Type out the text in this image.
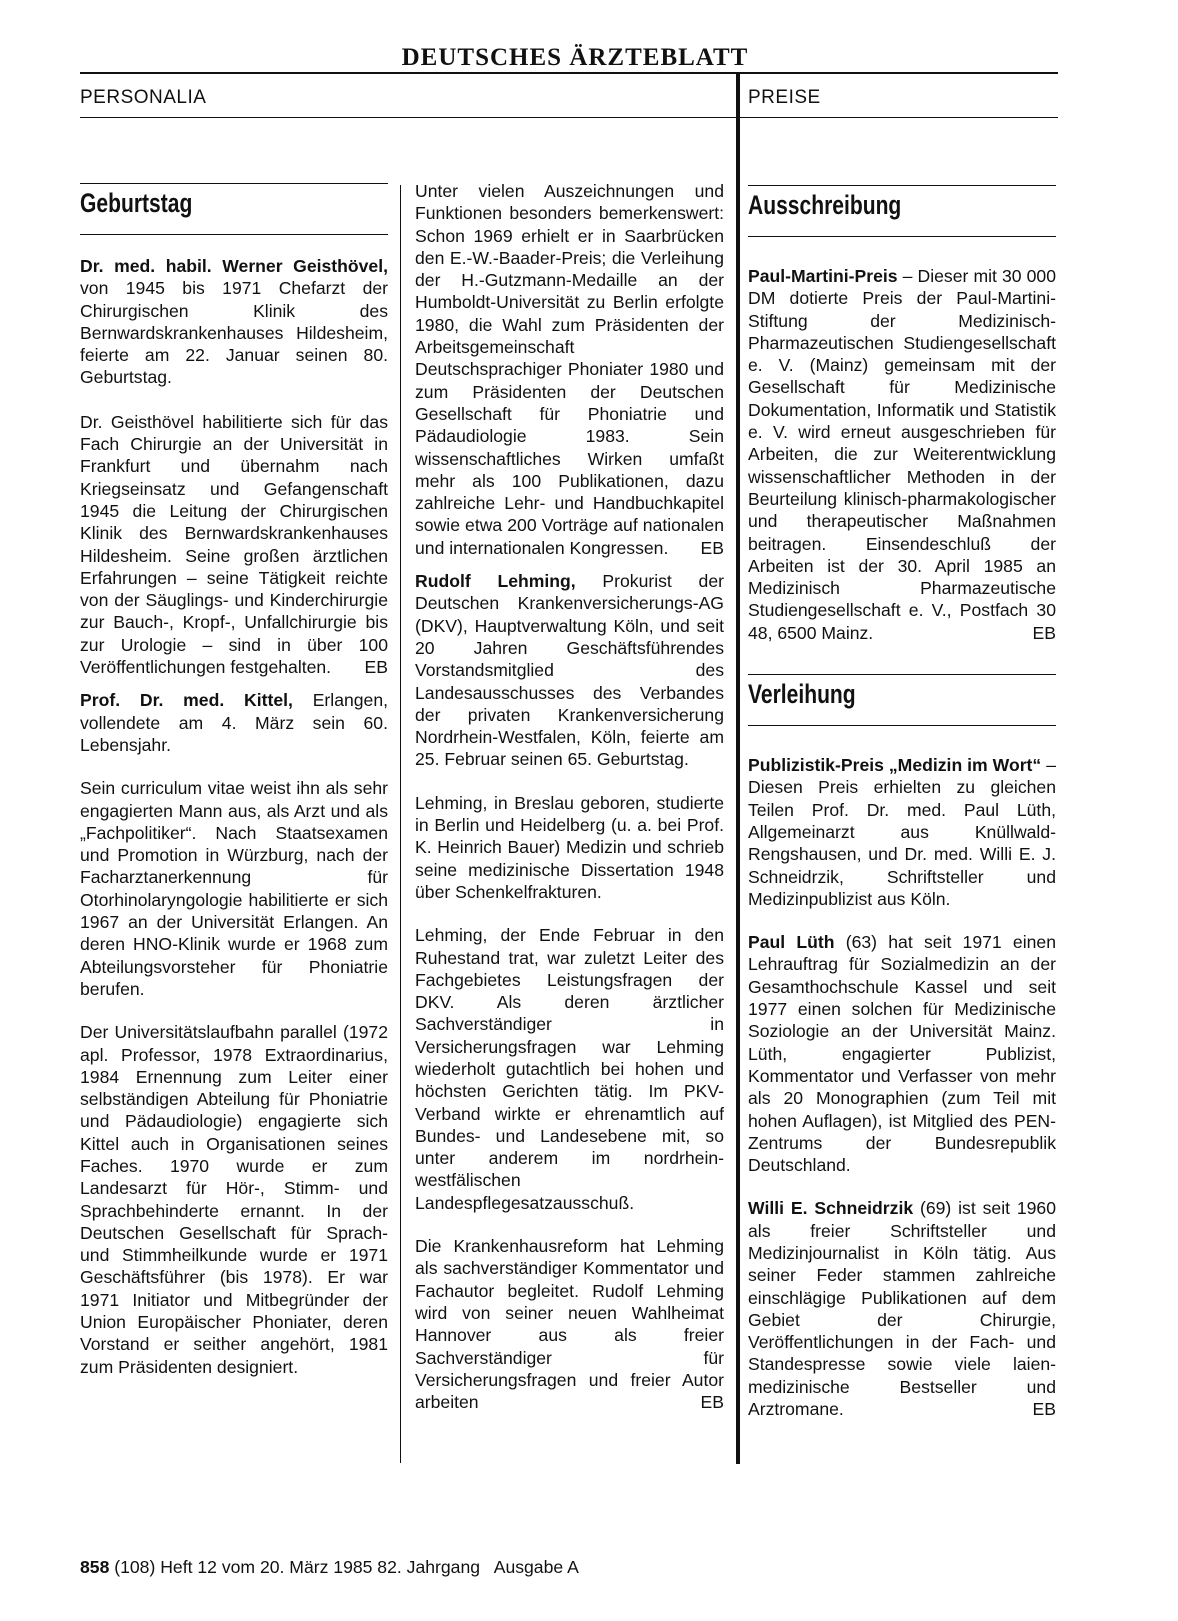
DEUTSCHES ÄRZTEBLATT
PERSONALIA	PREISE
Geburtstag

Dr. med. habil. Werner Geisthövel, von 1945 bis 1971 Chefarzt der Chirurgischen Klinik des Bernwardskrankenhauses Hildesheim, feierte am 22. Januar seinen 80. Geburtstag.

Dr. Geisthövel habilitierte sich für das Fach Chirurgie an der Universität in Frankfurt und übernahm nach Kriegseinsatz und Gefangenschaft 1945 die Leitung der Chirurgischen Klinik des Bernwardskrankenhauses Hildesheim. Seine großen ärztlichen Erfahrungen – seine Tätigkeit reichte von der Säuglings- und Kinderchirurgie zur Bauch-, Kropf-, Unfallchirurgie bis zur Urologie – sind in über 100 Veröffentlichungen festgehalten. EB

Prof. Dr. med. Kittel, Erlangen, vollendete am 4. März sein 60. Lebensjahr.

Sein curriculum vitae weist ihn als sehr engagierten Mann aus, als Arzt und als „Fachpolitiker“. Nach Staatsexamen und Promotion in Würzburg, nach der Facharztanerkennung für Otorhinolaryngologie habilitierte er sich 1967 an der Universität Erlangen. An deren HNO-Klinik wurde er 1968 zum Abteilungsvorsteher für Phoniatrie berufen.

Der Universitätslaufbahn parallel (1972 apl. Professor, 1978 Extraordinarius, 1984 Ernennung zum Leiter einer selbständigen Abteilung für Phoniatrie und Pädaudiologie) engagierte sich Kittel auch in Organisationen seines Faches. 1970 wurde er zum Landesarzt für Hör-, Stimm- und Sprachbehinderte ernannt. In der Deutschen Gesellschaft für Sprach- und Stimmheilkunde wurde er 1971 Geschäftsführer (bis 1978). Er war 1971 Initiator und Mitbegründer der Union Europäischer Phoniater, deren Vorstand er seither angehört, 1981 zum Präsidenten designiert.

Unter vielen Auszeichnungen und Funktionen besonders bemerkenswert: Schon 1969 erhielt er in Saarbrücken den E.-W.-Baader-Preis; die Verleihung der H.-Gutzmann-Medaille an der Humboldt-Universität zu Berlin erfolgte 1980, die Wahl zum Präsidenten der Arbeitsgemeinschaft Deutschsprachiger Phoniater 1980 und zum Präsidenten der Deutschen Gesellschaft für Phoniatrie und Pädaudiologie 1983. Sein wissenschaftliches Wirken umfaßt mehr als 100 Publikationen, dazu zahlreiche Lehr- und Handbuchkapitel sowie etwa 200 Vorträge auf nationalen und internationalen Kongressen. EB

Rudolf Lehming, Prokurist der Deutschen Krankenversicherungs-AG (DKV), Hauptverwaltung Köln, und seit 20 Jahren Geschäftsführendes Vorstandsmitglied des Landesausschusses des Verbandes der privaten Krankenversicherung Nordrhein-Westfalen, Köln, feierte am 25. Februar seinen 65. Geburtstag.

Lehming, in Breslau geboren, studierte in Berlin und Heidelberg (u. a. bei Prof. K. Heinrich Bauer) Medizin und schrieb seine medizinische Dissertation 1948 über Schenkelfrakturen.

Lehming, der Ende Februar in den Ruhestand trat, war zuletzt Leiter des Fachgebietes Leistungsfragen der DKV. Als deren ärztlicher Sachverständiger in Versicherungsfragen war Lehming wiederholt gutachtlich bei hohen und höchsten Gerichten tätig. Im PKV-Verband wirkte er ehrenamtlich auf Bundes- und Landesebene mit, so unter anderem im nordrhein-westfälischen Landespflegesatzausschuß.

Die Krankenhausreform hat Lehming als sachverständiger Kommentator und Fachautor begleitet. Rudolf Lehming wird von seiner neuen Wahlheimat Hannover aus als freier Sachverständiger für Versicherungsfragen und freier Autor arbeiten	EB

Ausschreibung

Paul-Martini-Preis – Dieser mit 30 000 DM dotierte Preis der Paul-Martini-Stiftung der Medizinisch-Pharmazeutischen Studiengesellschaft e. V. (Mainz) gemeinsam mit der Gesellschaft für Medizinische Dokumentation, Informatik und Statistik e. V. wird erneut ausgeschrieben für Arbeiten, die zur Weiterentwicklung wissenschaftlicher Methoden in der Beurteilung klinisch-pharmakologischer und therapeutischer Maßnahmen beitragen. Einsendeschluß der Arbeiten ist der 30. April 1985 an Medizinisch Pharmazeutische Studiengesellschaft e. V., Postfach 30 48, 6500 Mainz.	EB

Verleihung

Publizistik-Preis „Medizin im Wort“ – Diesen Preis erhielten zu gleichen Teilen Prof. Dr. med. Paul Lüth, Allgemeinarzt aus Knüllwald-Rengshausen, und Dr. med. Willi E. J. Schneidrzik, Schriftsteller und Medizinpublizist aus Köln.

Paul Lüth (63) hat seit 1971 einen Lehrauftrag für Sozialmedizin an der Gesamthochschule Kassel und seit 1977 einen solchen für Medizinische Soziologie an der Universität Mainz. Lüth, engagierter Publizist, Kommentator und Verfasser von mehr als 20 Monographien (zum Teil mit hohen Auflagen), ist Mitglied des PEN-Zentrums der Bundesrepublik Deutschland.

Willi E. Schneidrzik (69) ist seit 1960 als freier Schriftsteller und Medizinjournalist in Köln tätig. Aus seiner Feder stammen zahlreiche einschlägige Publikationen auf dem Gebiet der Chirurgie, Veröffentlichungen in der Fach- und Standespresse sowie viele laien-medizinische Bestseller und Arztromane.	EB

858 (108) Heft 12 vom 20. März 1985 82. Jahrgang   Ausgabe A
